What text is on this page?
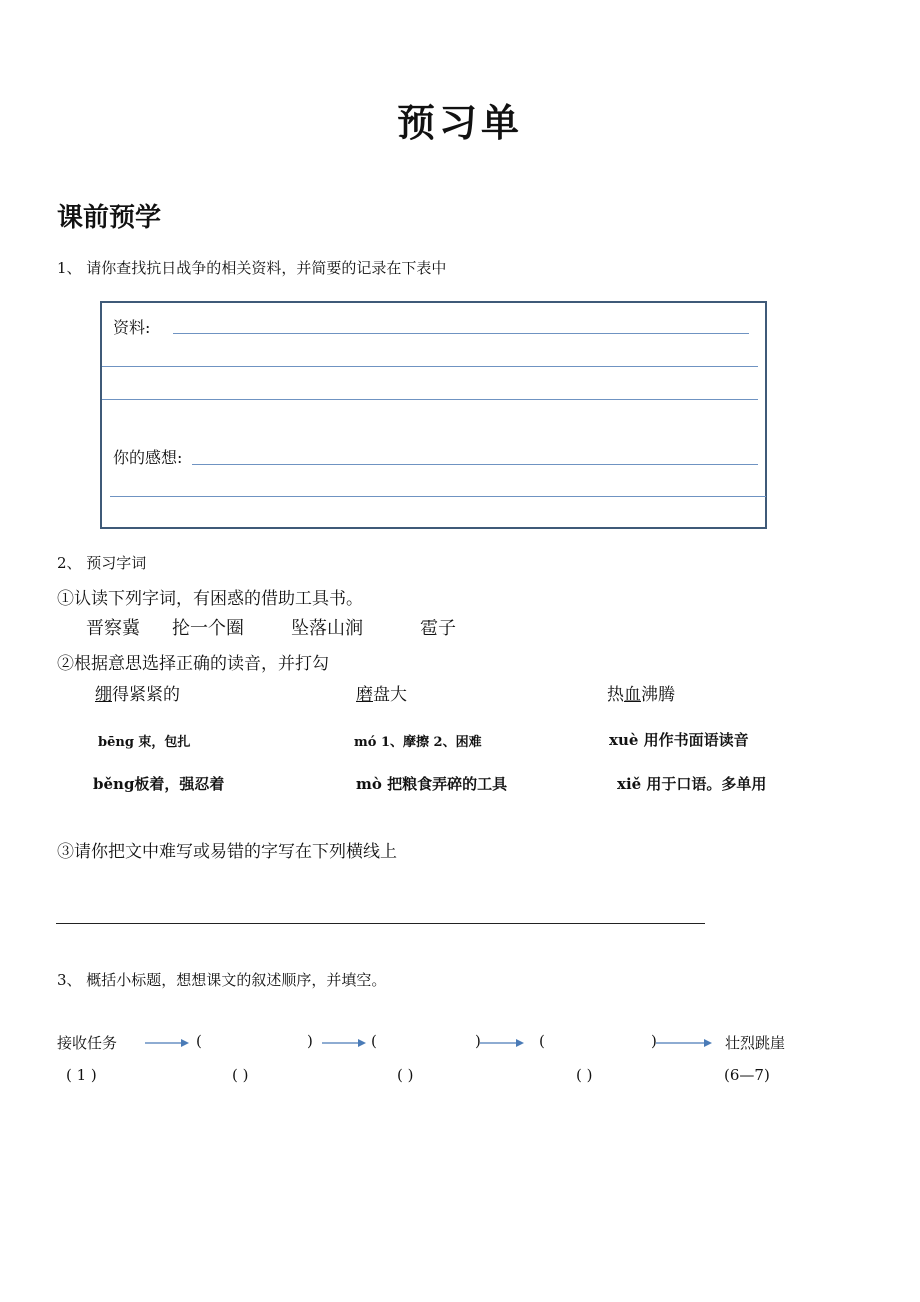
预习单
课前预学
1、 请你查找抗日战争的相关资料，并简要的记录在下表中
资料:
你的感想:
2、 预习字词
①认读下列字词，有困惑的借助工具书。
晋察冀 抡一个圈	坠落山涧	雹子
②根据意思选择正确的读音，并打勾
绷得紧紧的	磨盘大	热血沸腾
bēng 束，包扎	mó 1、摩擦 2、困难	xuè 用作书面语读音
běng板着，强忍着	mò 把粮食弄碎的工具	xiě 用于口语。多单用
③请你把文中难写或易错的字写在下列横线上
3、 概括小标题，想想课文的叙述顺序，并填空。
接收任务	(	)	(	)	(	)	壮烈跳崖
( 1 )	( )	( )	( )	(6—7)
